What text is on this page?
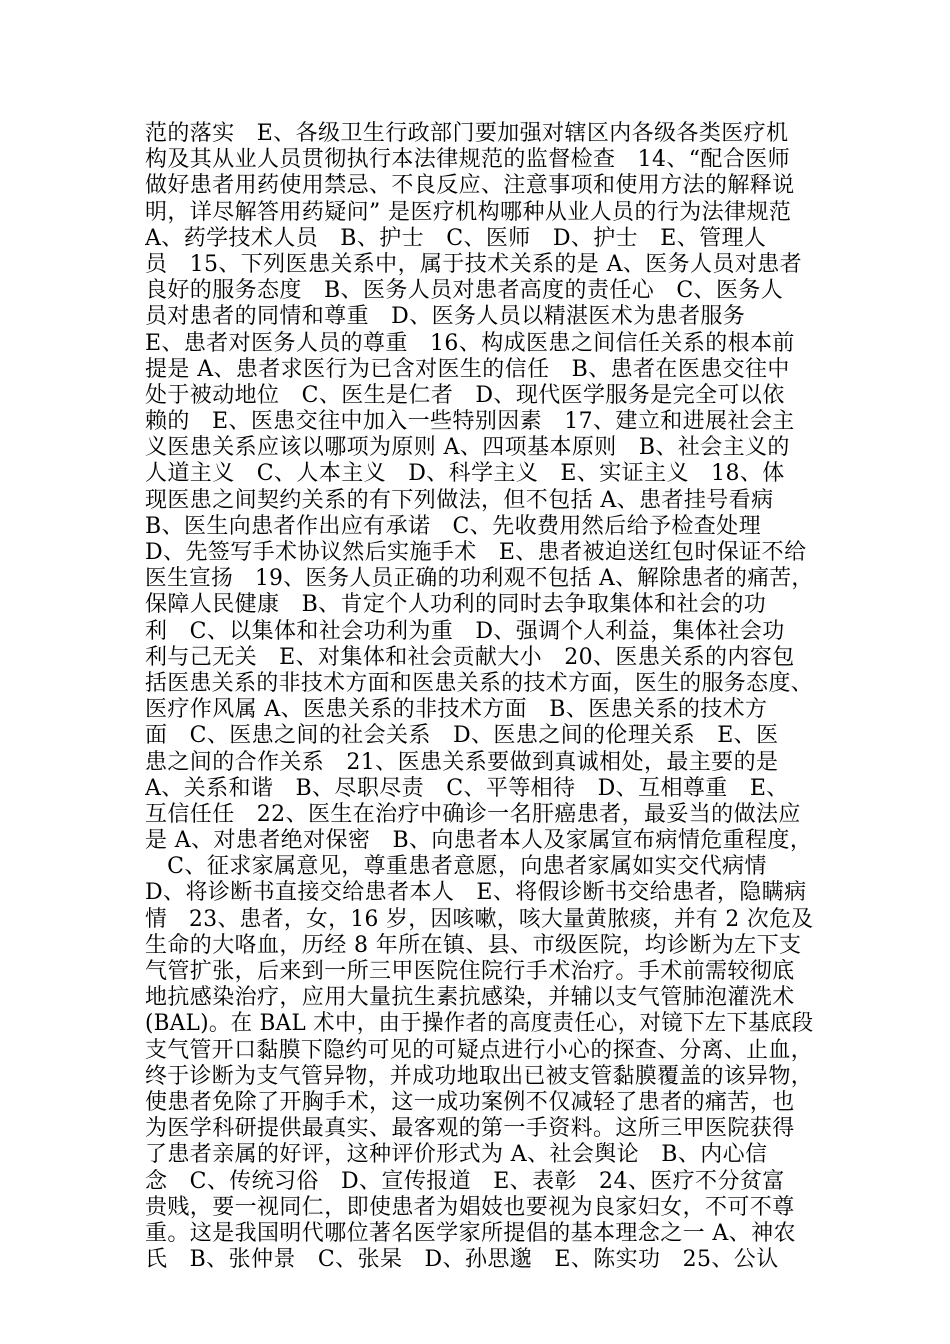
范的落实   E、各级卫生行政部门要加强对辖区内各级各类医疗机
构及其从业人员贯彻执行本法律规范的监督检查   14、“配合医师
做好患者用药使用禁忌、不良反应、注意事项和使用方法的解释说
明，详尽解答用药疑问” 是医疗机构哪种从业人员的行为法律规范
A、药学技术人员   B、护士   C、医师   D、护士   E、管理人
员   15、下列医患关系中，属于技术关系的是 A、医务人员对患者
良好的服务态度   B、医务人员对患者高度的责任心   C、医务人
员对患者的同情和尊重   D、医务人员以精湛医术为患者服务
E、患者对医务人员的尊重   16、构成医患之间信任关系的根本前
提是 A、患者求医行为已含对医生的信任   B、患者在医患交往中
处于被动地位   C、医生是仁者   D、现代医学服务是完全可以依
赖的   E、医患交往中加入一些特别因素   17、建立和进展社会主
义医患关系应该以哪项为原则 A、四项基本原则   B、社会主义的
人道主义   C、人本主义   D、科学主义   E、实证主义   18、体
现医患之间契约关系的有下列做法，但不包括 A、患者挂号看病
B、医生向患者作出应有承诺   C、先收费用然后给予检查处理
D、先签写手术协议然后实施手术   E、患者被迫送红包时保证不给
医生宣扬   19、医务人员正确的功利观不包括 A、解除患者的痛苦，
保障人民健康   B、肯定个人功利的同时去争取集体和社会的功
利   C、以集体和社会功利为重   D、强调个人利益，集体社会功
利与己无关   E、对集体和社会贡献大小   20、医患关系的内容包
括医患关系的非技术方面和医患关系的技术方面，医生的服务态度、
医疗作风属 A、医患关系的非技术方面   B、医患关系的技术方
面   C、医患之间的社会关系   D、医患之间的伦理关系   E、医
患之间的合作关系   21、医患关系要做到真诚相处，最主要的是
A、关系和谐   B、尽职尽责   C、平等相待   D、互相尊重   E、
互信任任   22、医生在治疗中确诊一名肝癌患者，最妥当的做法应
是 A、对患者绝对保密   B、向患者本人及家属宣布病情危重程度，
C、征求家属意见，尊重患者意愿，向患者家属如实交代病情
D、将诊断书直接交给患者本人   E、将假诊断书交给患者，隐瞒病
情   23、患者，女，16 岁，因咳嗽，咳大量黄脓痰，并有 2 次危及
生命的大咯血，历经 8 年所在镇、县、市级医院，均诊断为左下支
气管扩张，后来到一所三甲医院住院行手术治疗。手术前需较彻底
地抗感染治疗，应用大量抗生素抗感染，并辅以支气管肺泡灌洗术
(BAL)。在 BAL 术中，由于操作者的高度责任心，对镜下左下基底段
支气管开口黏膜下隐约可见的可疑点进行小心的探查、分离、止血，
终于诊断为支气管异物，并成功地取出已被支管黏膜覆盖的该异物，
使患者免除了开胸手术，这一成功案例不仅减轻了患者的痛苦，也
为医学科研提供最真实、最客观的第一手资料。这所三甲医院获得
了患者亲属的好评，这种评价形式为 A、社会舆论   B、内心信
念   C、传统习俗   D、宣传报道   E、表彰   24、医疗不分贫富
贵贱，要一视同仁，即使患者为娼妓也要视为良家妇女，不可不尊
重。这是我国明代哪位著名医学家所提倡的基本理念之一 A、神农
氏   B、张仲景   C、张杲   D、孙思邈   E、陈实功   25、公认
